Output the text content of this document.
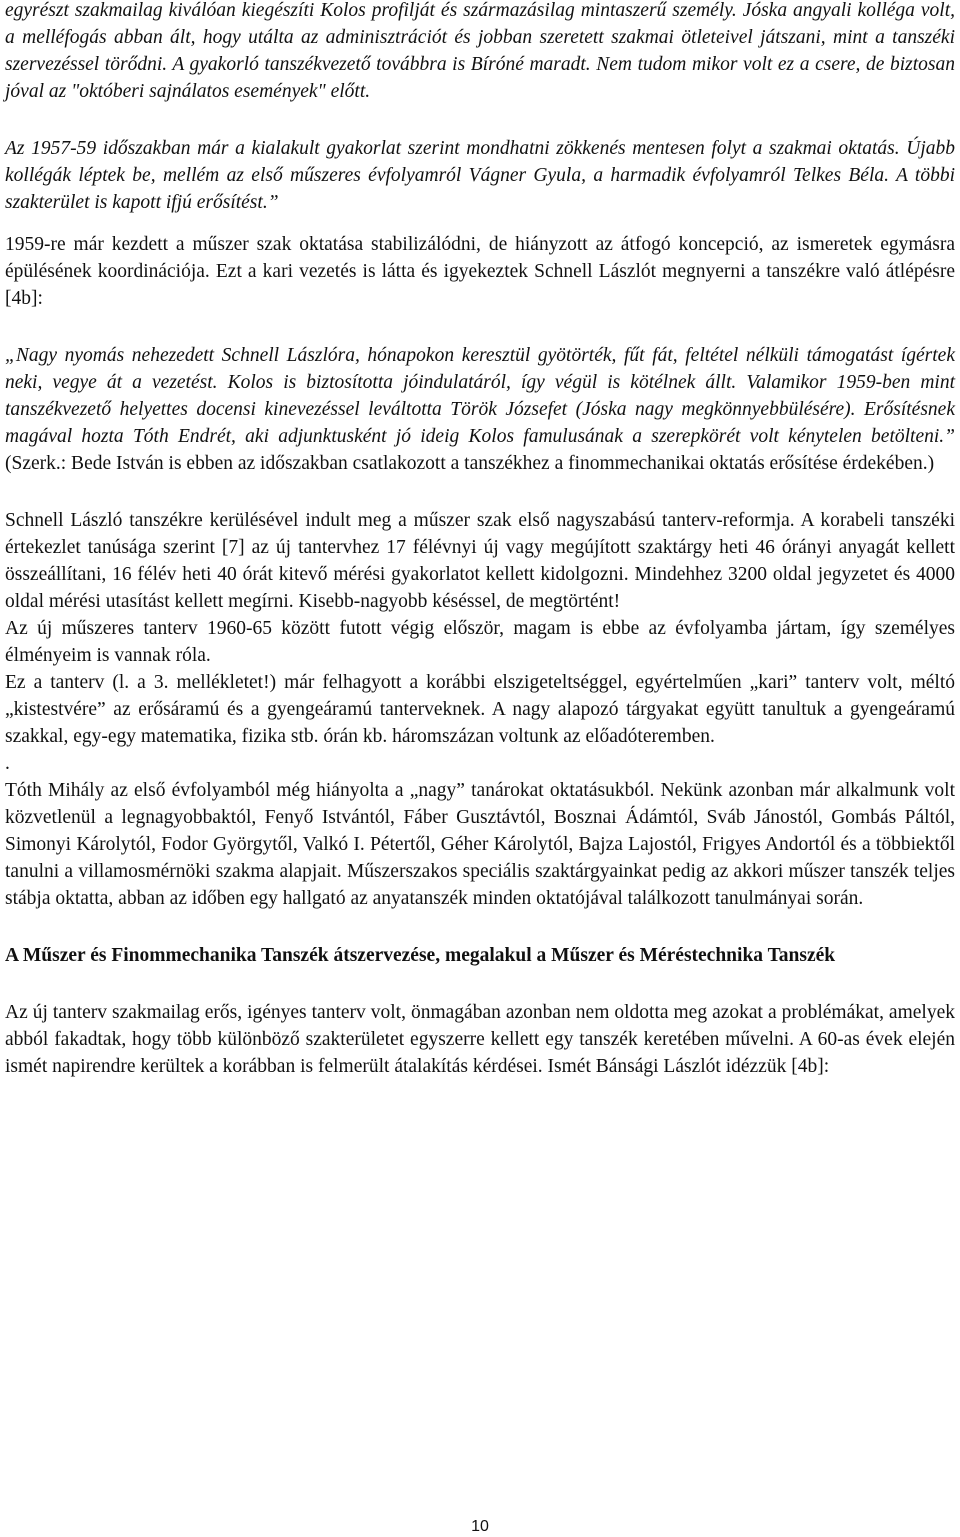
egyrészt szakmailag kiválóan kiegészíti Kolos profilját és származásilag mintaszerű személy. Jóska angyali kolléga volt, a melléfogás abban ált, hogy utálta az adminisztrációt és jobban szeretett szakmai ötleteivel játszani, mint a tanszéki szervezéssel törődni. A gyakorló tanszékvezető továbbra is Bíróné maradt. Nem tudom mikor volt ez a csere, de biztosan jóval az "októberi sajnálatos események" előtt.

Az 1957-59 időszakban már a kialakult gyakorlat szerint mondhatni zökkenés mentesen folyt a szakmai oktatás. Újabb kollégák léptek be, mellém az első műszeres évfolyamról Vágner Gyula, a harmadik évfolyamról Telkes Béla. A többi szakterület is kapott ifjú erősítést.”

1959-re már kezdett a műszer szak oktatása stabilizálódni, de hiányzott az átfogó koncepció, az ismeretek egymásra épülésének koordinációja. Ezt a kari vezetés is látta és igyekeztek Schnell Lászlót megnyerni a tanszékre való átlépésre [4b]:

„Nagy nyomás nehezedett Schnell Lászlóra, hónapokon keresztül gyötörték, fűt fát, feltétel nélküli támogatást ígértek neki, vegye át a vezetést. Kolos is biztosította jóindulatáról, így végül is kötélnek állt. Valamikor 1959-ben mint tanszékvezető helyettes docensi kinevezéssel leváltotta Török Józsefet (Jóska nagy megkönnyebbülésére). Erősítésnek magával hozta Tóth Endrét, aki adjunktusként jó ideig Kolos famulusának a szerepkörét volt kénytelen betölteni.” (Szerk.: Bede István is ebben az időszakban csatlakozott a tanszékhez a finommechanikai oktatás erősítése érdekében.)

Schnell László tanszékre kerülésével indult meg a műszer szak első nagyszabású tanterv-reformja. A korabeli tanszéki értekezlet tanúsága szerint [7] az új tantervhez 17 félévnyi új vagy megújított szaktárgy heti 46 órányi anyagát kellett összeállítani, 16 félév heti 40 órát kitevő mérési gyakorlatot kellett kidolgozni. Mindehhez 3200 oldal jegyzetet és 4000 oldal mérési utasítást kellett megírni. Kisebb-nagyobb késéssel, de megtörtént!

Az új műszeres tanterv 1960-65 között futott végig először, magam is ebbe az évfolyamba jártam, így személyes élményeim is vannak róla.

Ez a tanterv (l. a 3. mellékletet!) már felhagyott a korábbi elszigeteltséggel, egyértelműen „kari” tanterv volt, méltó „kistestvére” az erősáramú és a gyengeáramú tanterveknek. A nagy alapozó tárgyakat együtt tanultuk a gyengeáramú szakkal, egy-egy matematika, fizika stb. órán kb. háromszázan voltunk az előadóteremben.

.

Tóth Mihály az első évfolyamból még hiányolta a „nagy” tanárokat oktatásukból. Nekünk azonban már alkalmunk volt közvetlenül a legnagyobbaktól, Fenyő Istvántól, Fáber Gusztávtól, Bosznai Ádámtól, Sváb Jánostól, Gombás Páltól, Simonyi Károlytól, Fodor Györgytől, Valkó I. Pétertől, Géher Károlytól, Bajza Lajostól, Frigyes Andortól és a többiektől tanulni a villamosmérnöki szakma alapjait. Műszerszakos speciális szaktárgyainkat pedig az akkori műszer tanszék teljes stábja oktatta, abban az időben egy hallgató az anyatanszék minden oktatójával találkozott tanulmányai során.

A Műszer és Finommechanika Tanszék átszervezése, megalakul a Műszer és Méréstechnika Tanszék

Az új tanterv szakmailag erős, igényes tanterv volt, önmagában azonban nem oldotta meg azokat a problémákat, amelyek abból fakadtak, hogy több különböző szakterületet egyszerre kellett egy tanszék keretében művelni. A 60-as évek elején ismét napirendre kerültek a korábban is felmerült átalakítás kérdései. Ismét Bánsági Lászlót idézzük [4b]:

10
